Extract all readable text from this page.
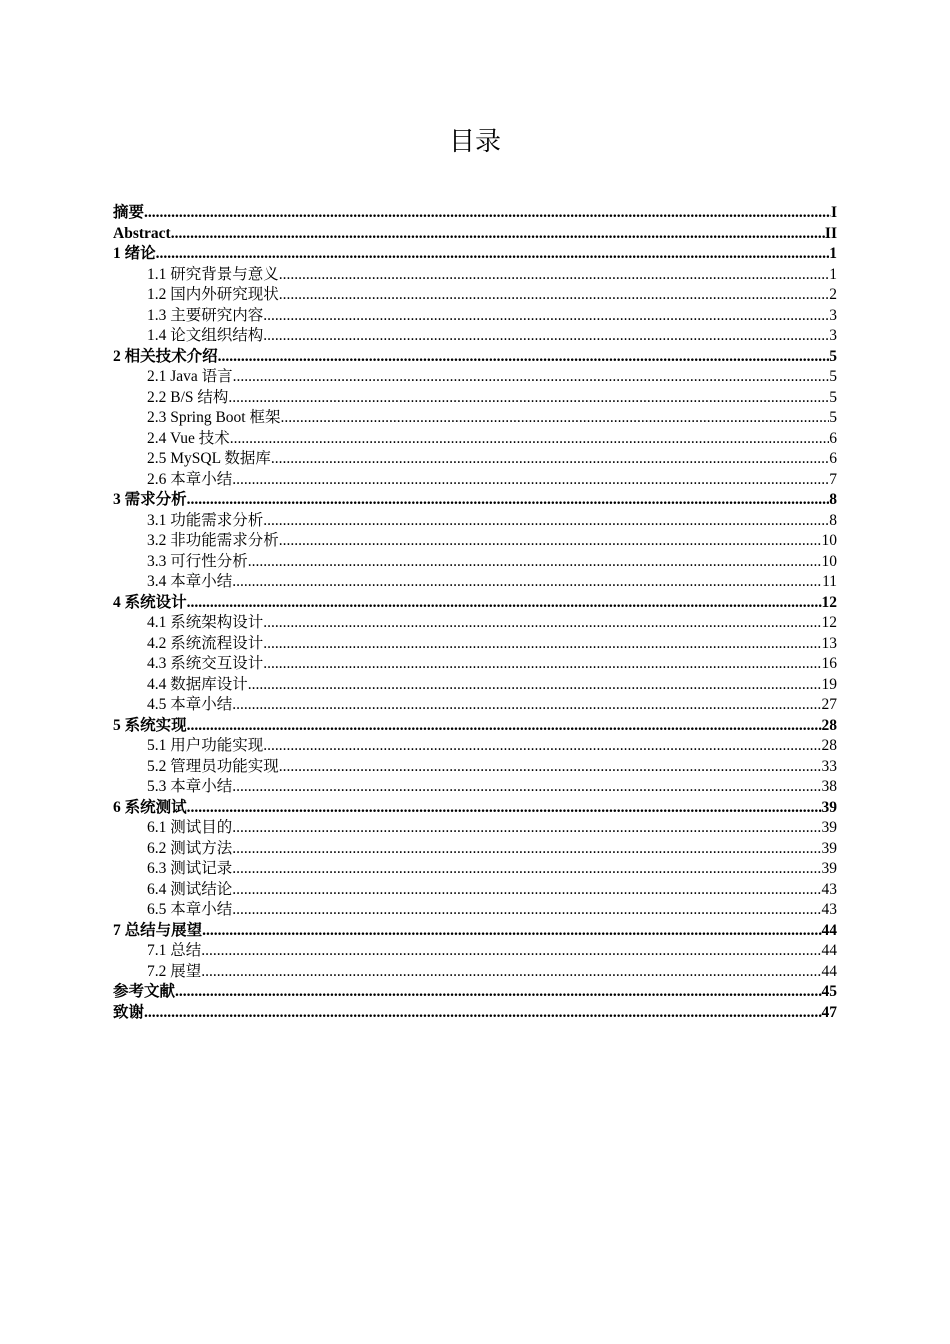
目录
摘要 .....	I
Abstract .....	II
1 绪论 .....	1
1.1 研究背景与意义 .....	1
1.2 国内外研究现状 .....	2
1.3 主要研究内容 .....	3
1.4 论文组织结构 .....	3
2 相关技术介绍 .....	5
2.1 Java 语言 .....	5
2.2 B/S 结构 .....	5
2.3 Spring Boot 框架 .....	5
2.4 Vue 技术 .....	6
2.5 MySQL 数据库 .....	6
2.6 本章小结 .....	7
3 需求分析 .....	8
3.1 功能需求分析 .....	8
3.2 非功能需求分析 .....	10
3.3 可行性分析 .....	10
3.4 本章小结 .....	11
4 系统设计 .....	12
4.1 系统架构设计 .....	12
4.2 系统流程设计 .....	13
4.3 系统交互设计 .....	16
4.4 数据库设计 .....	19
4.5 本章小结 .....	27
5 系统实现 .....	28
5.1 用户功能实现 .....	28
5.2 管理员功能实现 .....	33
5.3 本章小结 .....	38
6 系统测试 .....	39
6.1 测试目的 .....	39
6.2 测试方法 .....	39
6.3 测试记录 .....	39
6.4 测试结论 .....	43
6.5 本章小结 .....	43
7 总结与展望 .....	44
7.1 总结 .....	44
7.2 展望 .....	44
参考文献 .....	45
致谢 .....	47
